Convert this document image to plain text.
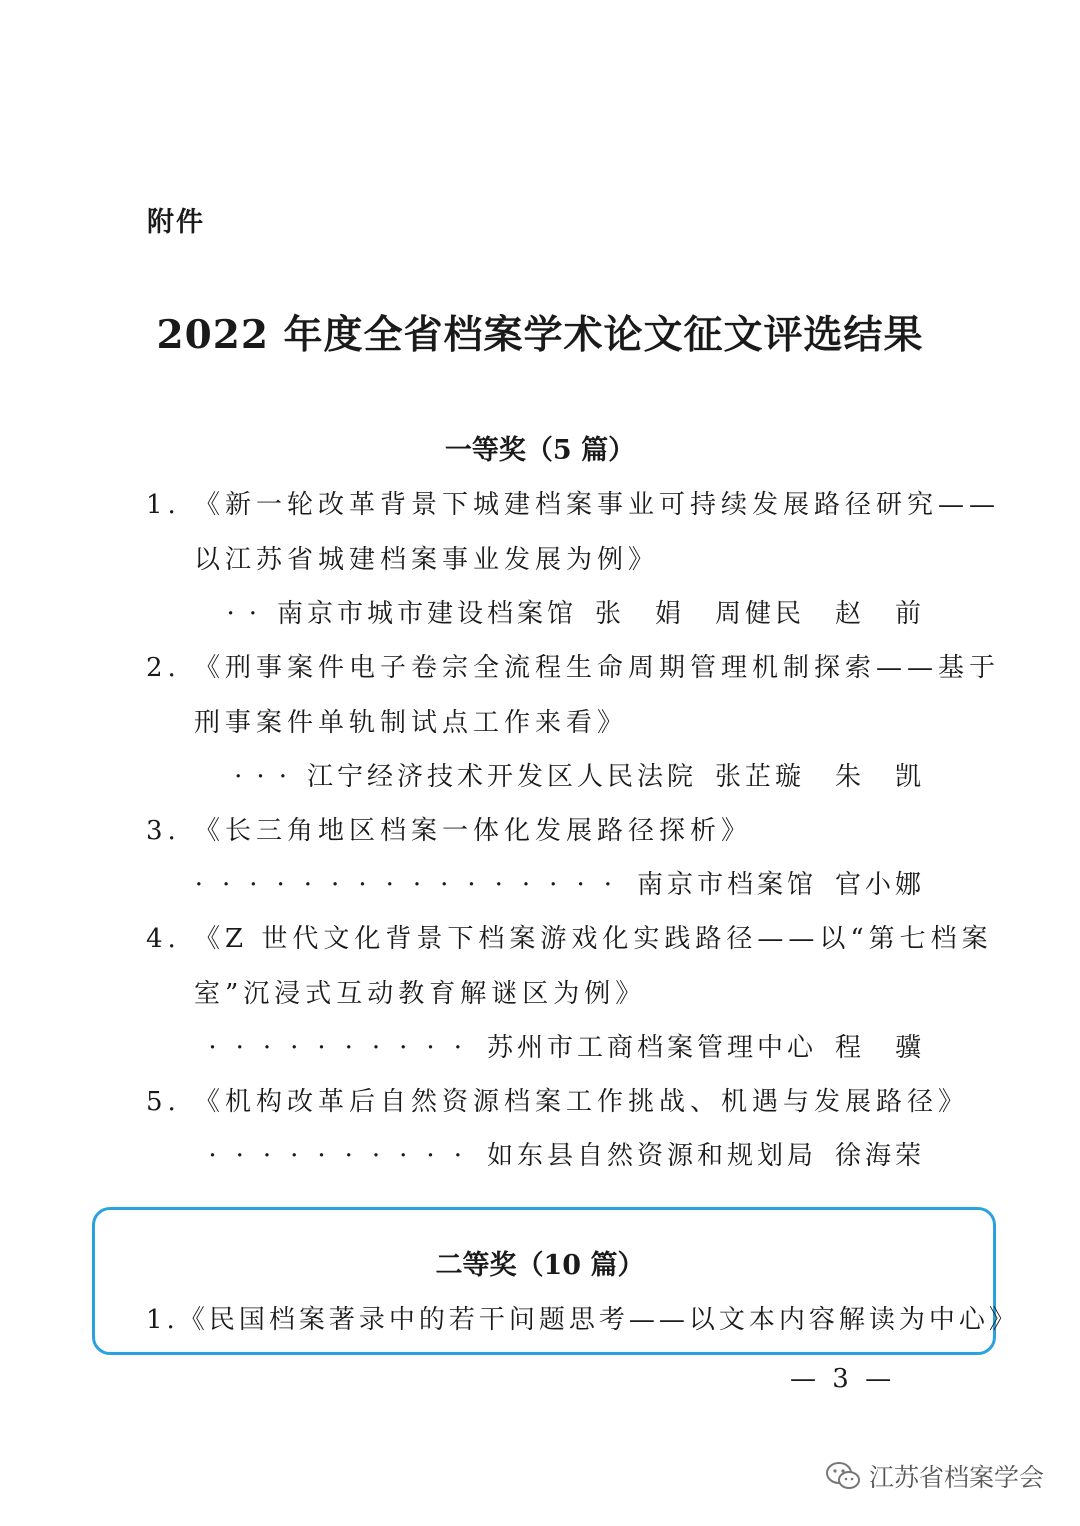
附件
2022 年度全省档案学术论文征文评选结果
一等奖（5 篇）
1. 《新一轮改革背景下城建档案事业可持续发展路径研究——
以江苏省城建档案事业发展为例》
·· 南京市城市建设档案馆 张　娟　周健民　赵　前
2. 《刑事案件电子卷宗全流程生命周期管理机制探索——基于
刑事案件单轨制试点工作来看》
··· 江宁经济技术开发区人民法院 张芷璇　朱　凯
3. 《长三角地区档案一体化发展路径探析》
················ 南京市档案馆 官小娜
4. 《Z 世代文化背景下档案游戏化实践路径——以“第七档案
室”沉浸式互动教育解谜区为例》
·········· 苏州市工商档案管理中心 程　骥
5. 《机构改革后自然资源档案工作挑战、机遇与发展路径》
·········· 如东县自然资源和规划局 徐海荣
二等奖（10 篇）
1.《民国档案著录中的若干问题思考——以文本内容解读为中心》
— 3 —
江苏省档案学会
